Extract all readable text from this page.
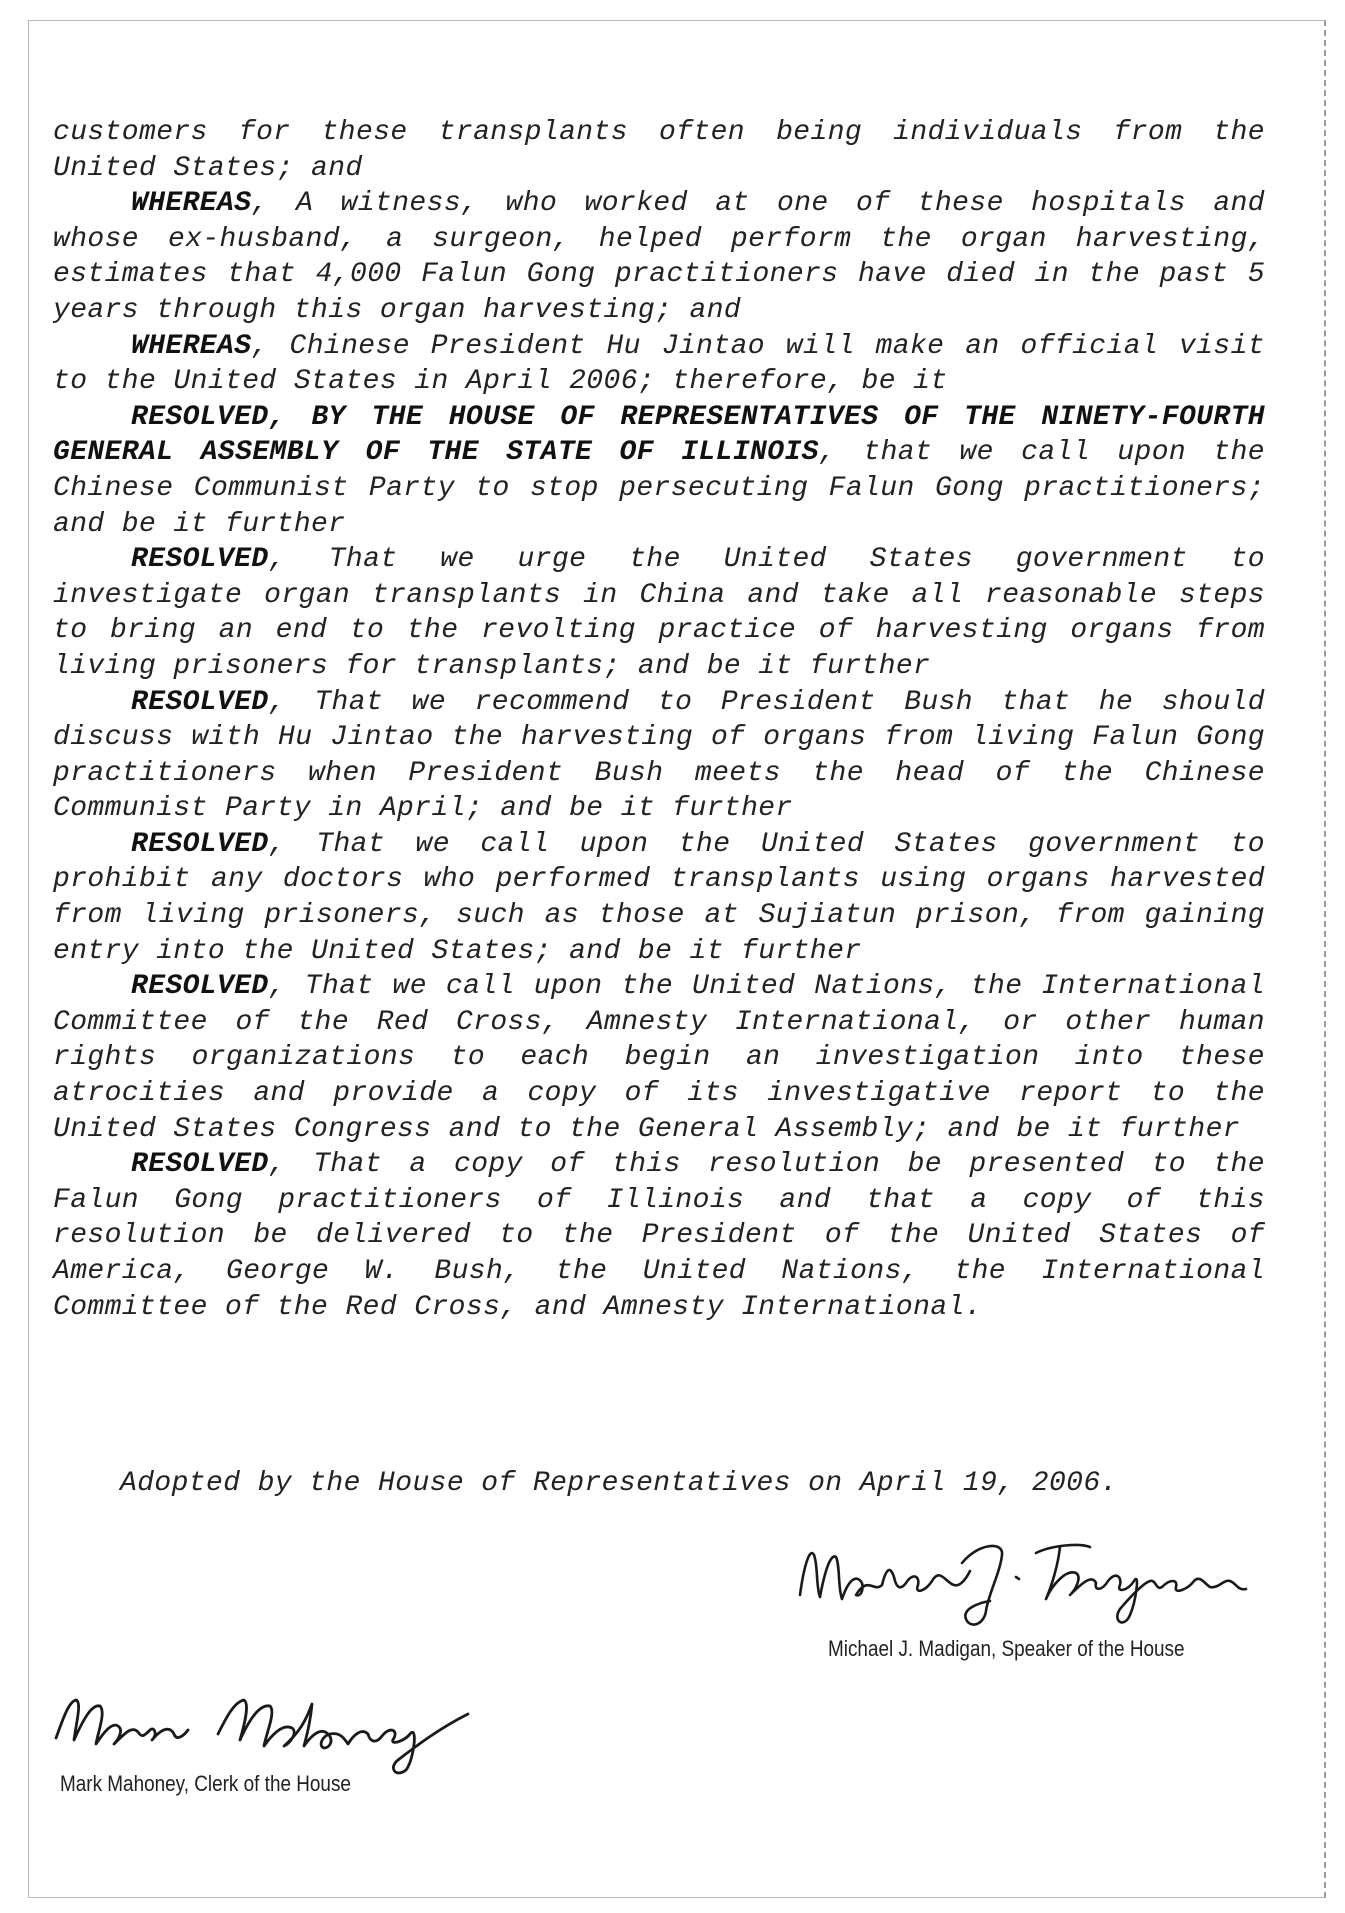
customers for these transplants often being individuals from the United States; and

WHEREAS, A witness, who worked at one of these hospitals and whose ex-husband, a surgeon, helped perform the organ harvesting, estimates that 4,000 Falun Gong practitioners have died in the past 5 years through this organ harvesting; and

WHEREAS, Chinese President Hu Jintao will make an official visit to the United States in April 2006; therefore, be it

RESOLVED, BY THE HOUSE OF REPRESENTATIVES OF THE NINETY-FOURTH GENERAL ASSEMBLY OF THE STATE OF ILLINOIS, that we call upon the Chinese Communist Party to stop persecuting Falun Gong practitioners; and be it further

RESOLVED, That we urge the United States government to investigate organ transplants in China and take all reasonable steps to bring an end to the revolting practice of harvesting organs from living prisoners for transplants; and be it further

RESOLVED, That we recommend to President Bush that he should discuss with Hu Jintao the harvesting of organs from living Falun Gong practitioners when President Bush meets the head of the Chinese Communist Party in April; and be it further

RESOLVED, That we call upon the United States government to prohibit any doctors who performed transplants using organs harvested from living prisoners, such as those at Sujiatun prison, from gaining entry into the United States; and be it further

RESOLVED, That we call upon the United Nations, the International Committee of the Red Cross, Amnesty International, or other human rights organizations to each begin an investigation into these atrocities and provide a copy of its investigative report to the United States Congress and to the General Assembly; and be it further

RESOLVED, That a copy of this resolution be presented to the Falun Gong practitioners of Illinois and that a copy of this resolution be delivered to the President of the United States of America, George W. Bush, the United Nations, the International Committee of the Red Cross, and Amnesty International.

Adopted by the House of Representatives on April 19, 2006.
Michael J. Madigan, Speaker of the House
Mark Mahoney, Clerk of the House
